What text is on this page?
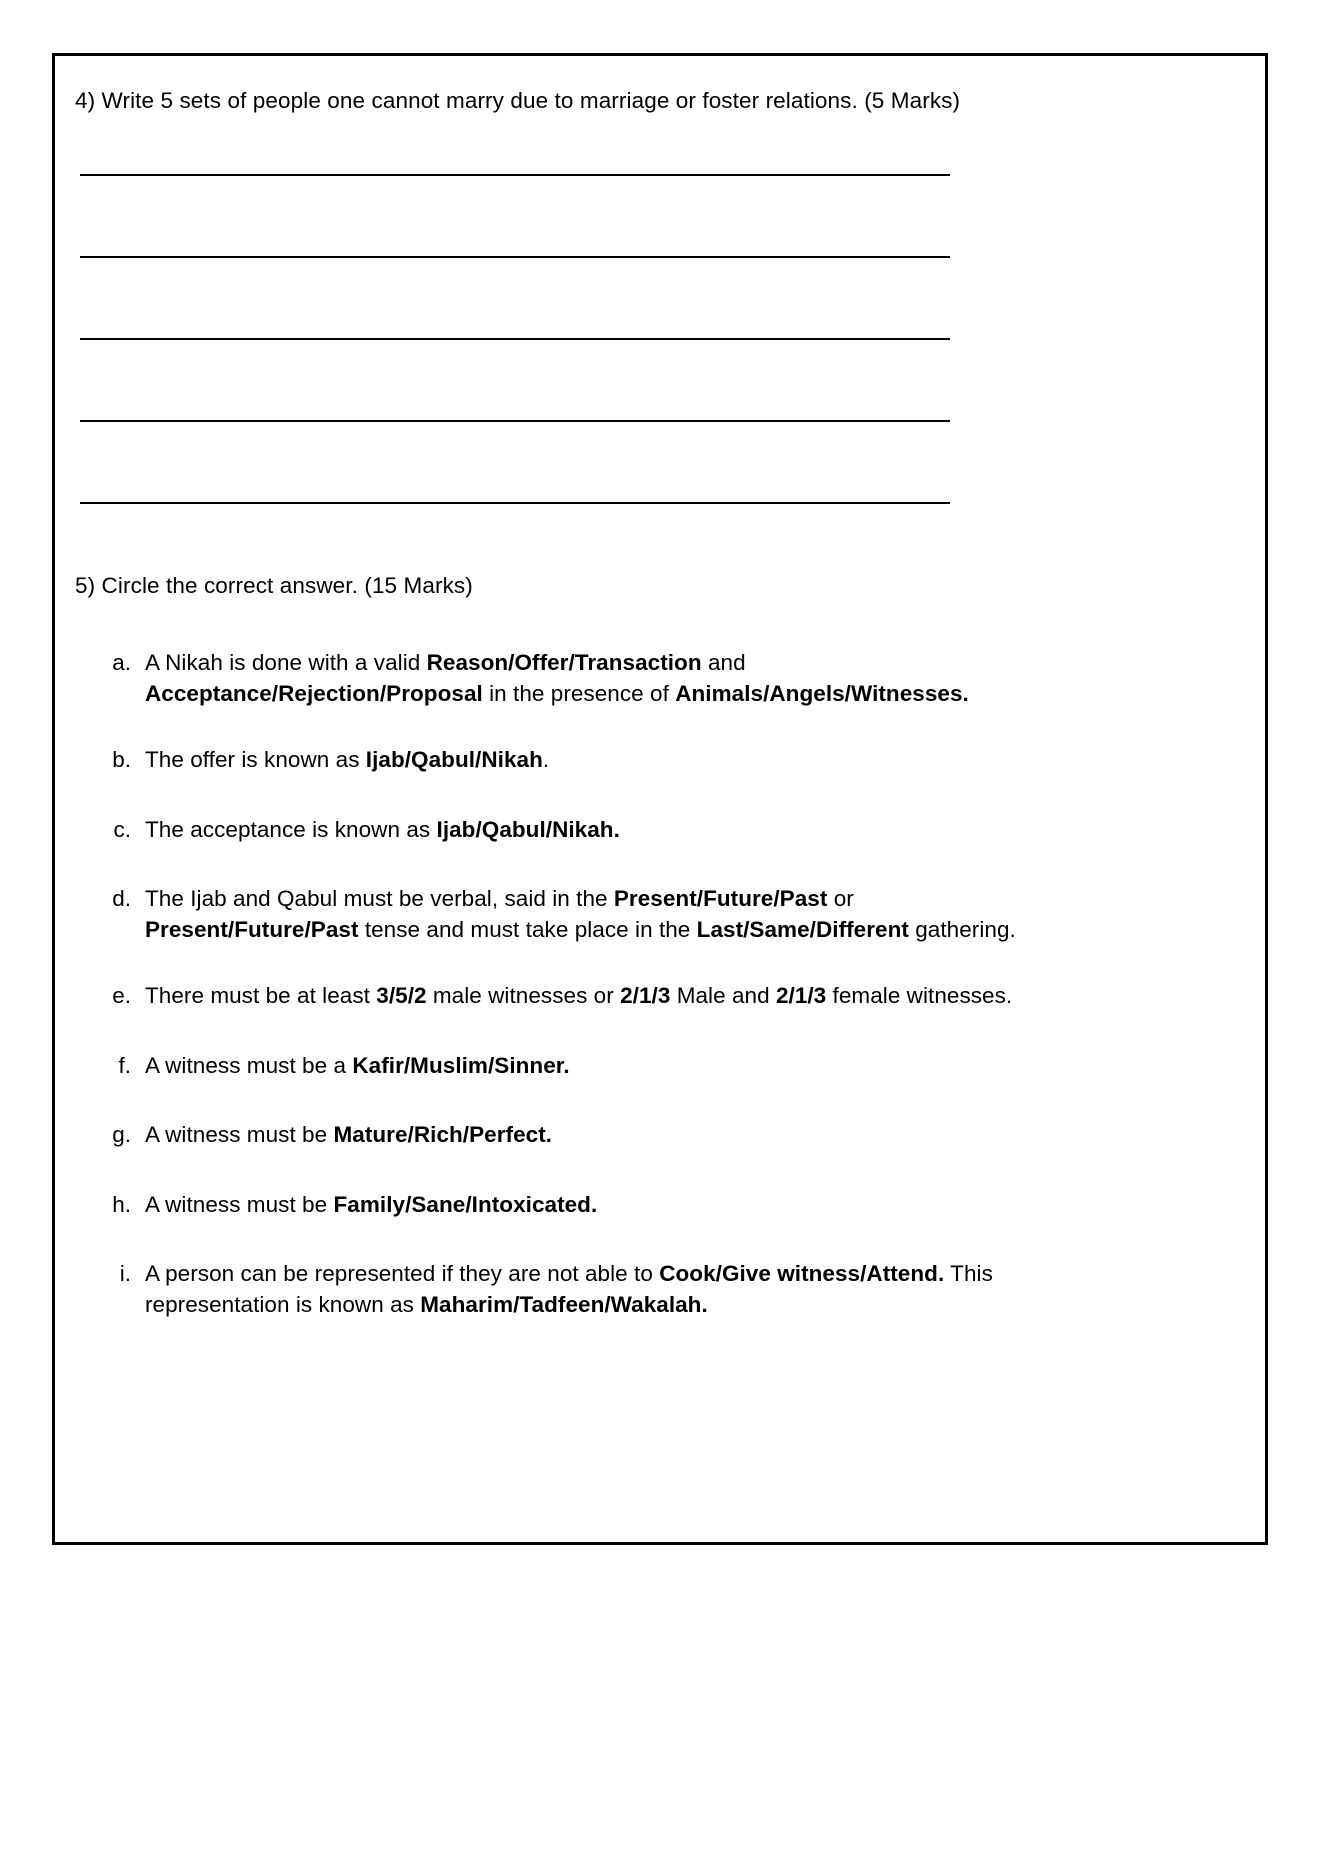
4) Write 5 sets of people one cannot marry due to marriage or foster relations. (5 Marks)
5) Circle the correct answer. (15 Marks)
a. A Nikah is done with a valid Reason/Offer/Transaction and
Acceptance/Rejection/Proposal in the presence of Animals/Angels/Witnesses.
b. The offer is known as Ijab/Qabul/Nikah.
c. The acceptance is known as Ijab/Qabul/Nikah.
d. The Ijab and Qabul must be verbal, said in the Present/Future/Past or
Present/Future/Past tense and must take place in the Last/Same/Different gathering.
e. There must be at least 3/5/2 male witnesses or 2/1/3 Male and 2/1/3 female witnesses.
f. A witness must be a Kafir/Muslim/Sinner.
g. A witness must be Mature/Rich/Perfect.
h. A witness must be Family/Sane/Intoxicated.
i. A person can be represented if they are not able to Cook/Give witness/Attend. This
representation is known as Maharim/Tadfeen/Wakalah.
